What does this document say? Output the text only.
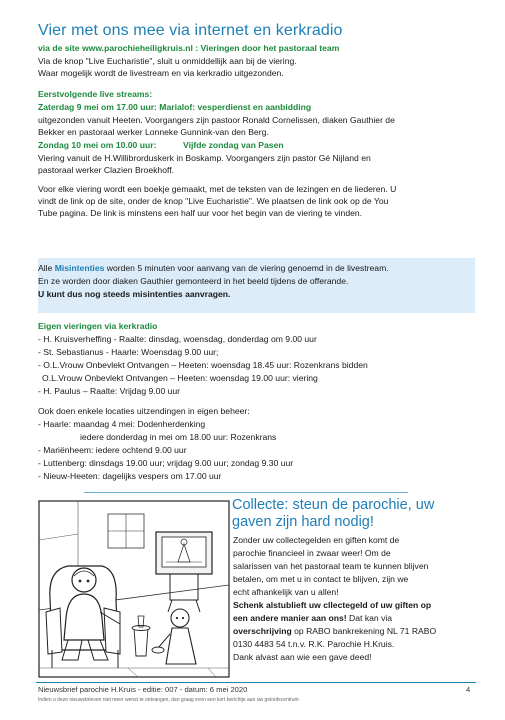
Vier met ons mee via internet en kerkradio
via de site www.parochieheiligkruis.nl : Vieringen door het pastoraal team
Via de knop "Live Eucharistie", sluit u onmiddellijk aan bij de viering.
Waar mogelijk wordt de livestream en via kerkradio uitgezonden.
Eerstvolgende live streams:
Zaterdag 9 mei om 17.00 uur: Marialof: vesperdienst en aanbidding
uitgezonden vanuit Heeten. Voorgangers zijn pastoor Ronald Cornelissen, diaken Gauthier de
Bekker en pastoraal werker Lonneke Gunnink-van den Berg.
Zondag 10 mei om 10.00 uur:	Vijfde zondag van Pasen
Viering vanuit de H.Willibrorduskerk in Boskamp. Voorgangers zijn pastor Gé Nijland en
pastoraal werker Clazien Broekhoff.
Voor elke viering wordt een boekje gemaakt, met de teksten van de lezingen en de liederen. U
vindt de link op de site, onder de knop "Live Eucharistie". We plaatsen de link ook op de You
Tube pagina. De link is minstens een half uur voor het begin van de viering te vinden.
Alle Misintenties worden 5 minuten voor aanvang van de viering genoemd in de livestream.
En ze worden door diaken Gauthier gemonteerd in het beeld tijdens de offerande.
U kunt dus nog steeds misintenties aanvragen.
Eigen vieringen via kerkradio
- H. Kruisverheffing - Raalte: dinsdag, woensdag, donderdag om 9.00 uur
- St. Sebastianus - Haarle: Woensdag 9.00 uur;
- O.L.Vrouw Onbevlekt Ontvangen – Heeten: woensdag 18.45 uur: Rozenkrans bidden
O.L.Vrouw Onbevlekt Ontvangen – Heeten: woensdag 19.00 uur: viering
- H. Paulus – Raalte: Vrijdag 9.00 uur
Ook doen enkele locaties uitzendingen in eigen beheer:
- Haarle: maandag 4 mei: Dodenherdenking
iedere donderdag in mei om 18.00 uur: Rozenkrans
- Mariënheem: iedere ochtend 9.00 uur
- Luttenberg: dinsdags 19.00 uur; vrijdag 9.00 uur; zondag 9.30 uur
- Nieuw-Heeten: dagelijks vespers om 17.00 uur
Collecte: steun de parochie, uw
gaven zijn hard nodig!
Zonder uw collectegelden en giften komt de
parochie financieel in zwaar weer! Om de
salarissen van het pastoraal team te kunnen blijven
betalen, om met u in contact te blijven, zijn we
echt afhankelijk van u allen!
Schenk alstublieft uw cllectegeld of uw giften op
een andere manier aan ons! Dat kan via
overschrijving op RABO bankrekening NL 71 RABO
0130 4483 54 t.n.v. R.K. Parochie H.Kruis.
Dank alvast aan wie een gave deed!
Nieuwsbrief parochie H.Kruis - editie: 007 - datum: 6 mei 2020	4
Indien u deze nieuwsbrieven niet meer wenst te ontvangen, dan graag even een kort berichtje aan uw geloofscentrum
